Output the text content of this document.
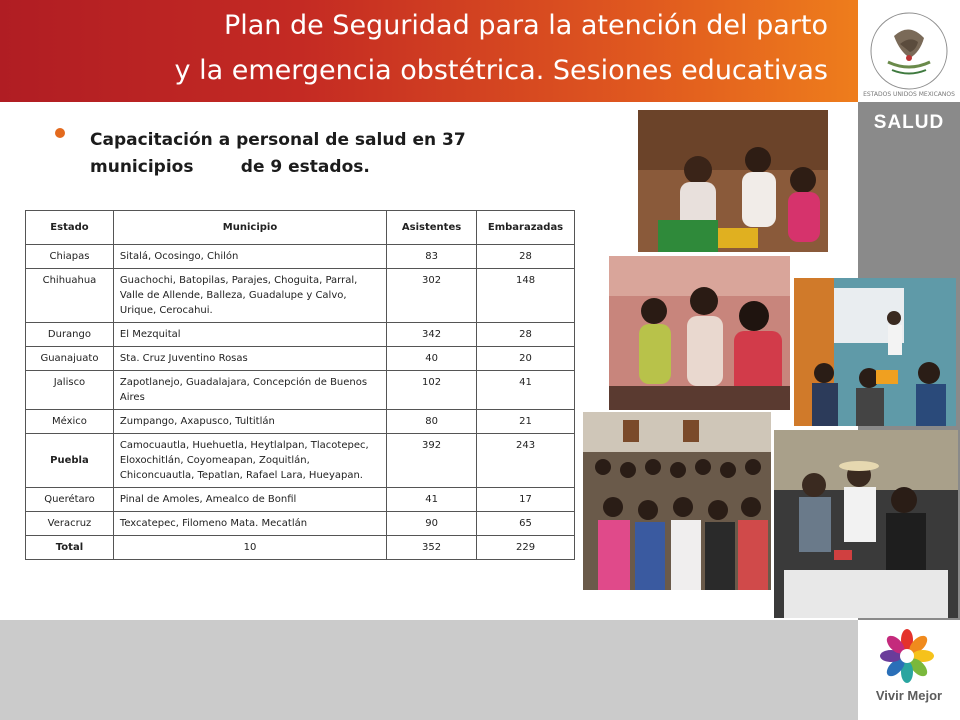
Plan de Seguridad para la atención del parto
y la emergencia obstétrica. Sesiones educativas
ESTADOS UNIDOS MEXICANOS
SALUD
Vivir Mejor
Capacitación a personal de salud en 37
municipios        de 9 estados.
Estado	Municipio	Asistentes	Embarazadas
Chiapas	Sitalá, Ocosingo, Chilón	83	28
Chihuahua	Guachochi, Batopilas, Parajes, Choguita, Parral, Valle de Allende, Balleza, Guadalupe y Calvo, Urique, Cerocahui.	302	148
Durango	El Mezquital	342	28
Guanajuato	Sta. Cruz Juventino Rosas	40	20
Jalisco	Zapotlanejo, Guadalajara, Concepción de Buenos Aires	102	41
México	Zumpango, Axapusco, Tultitlán	80	21
Puebla	Camocuautla, Huehuetla, Heytlalpan, Tlacotepec, Eloxochitlán, Coyomeapan, Zoquitlán, Chiconcuautla, Tepatlan, Rafael Lara, Hueyapan.	392	243
Querétaro	Pinal de Amoles, Amealco de Bonfil	41	17
Veracruz	Texcatepec, Filomeno Mata. Mecatlán	90	65
Total	10	352	229
